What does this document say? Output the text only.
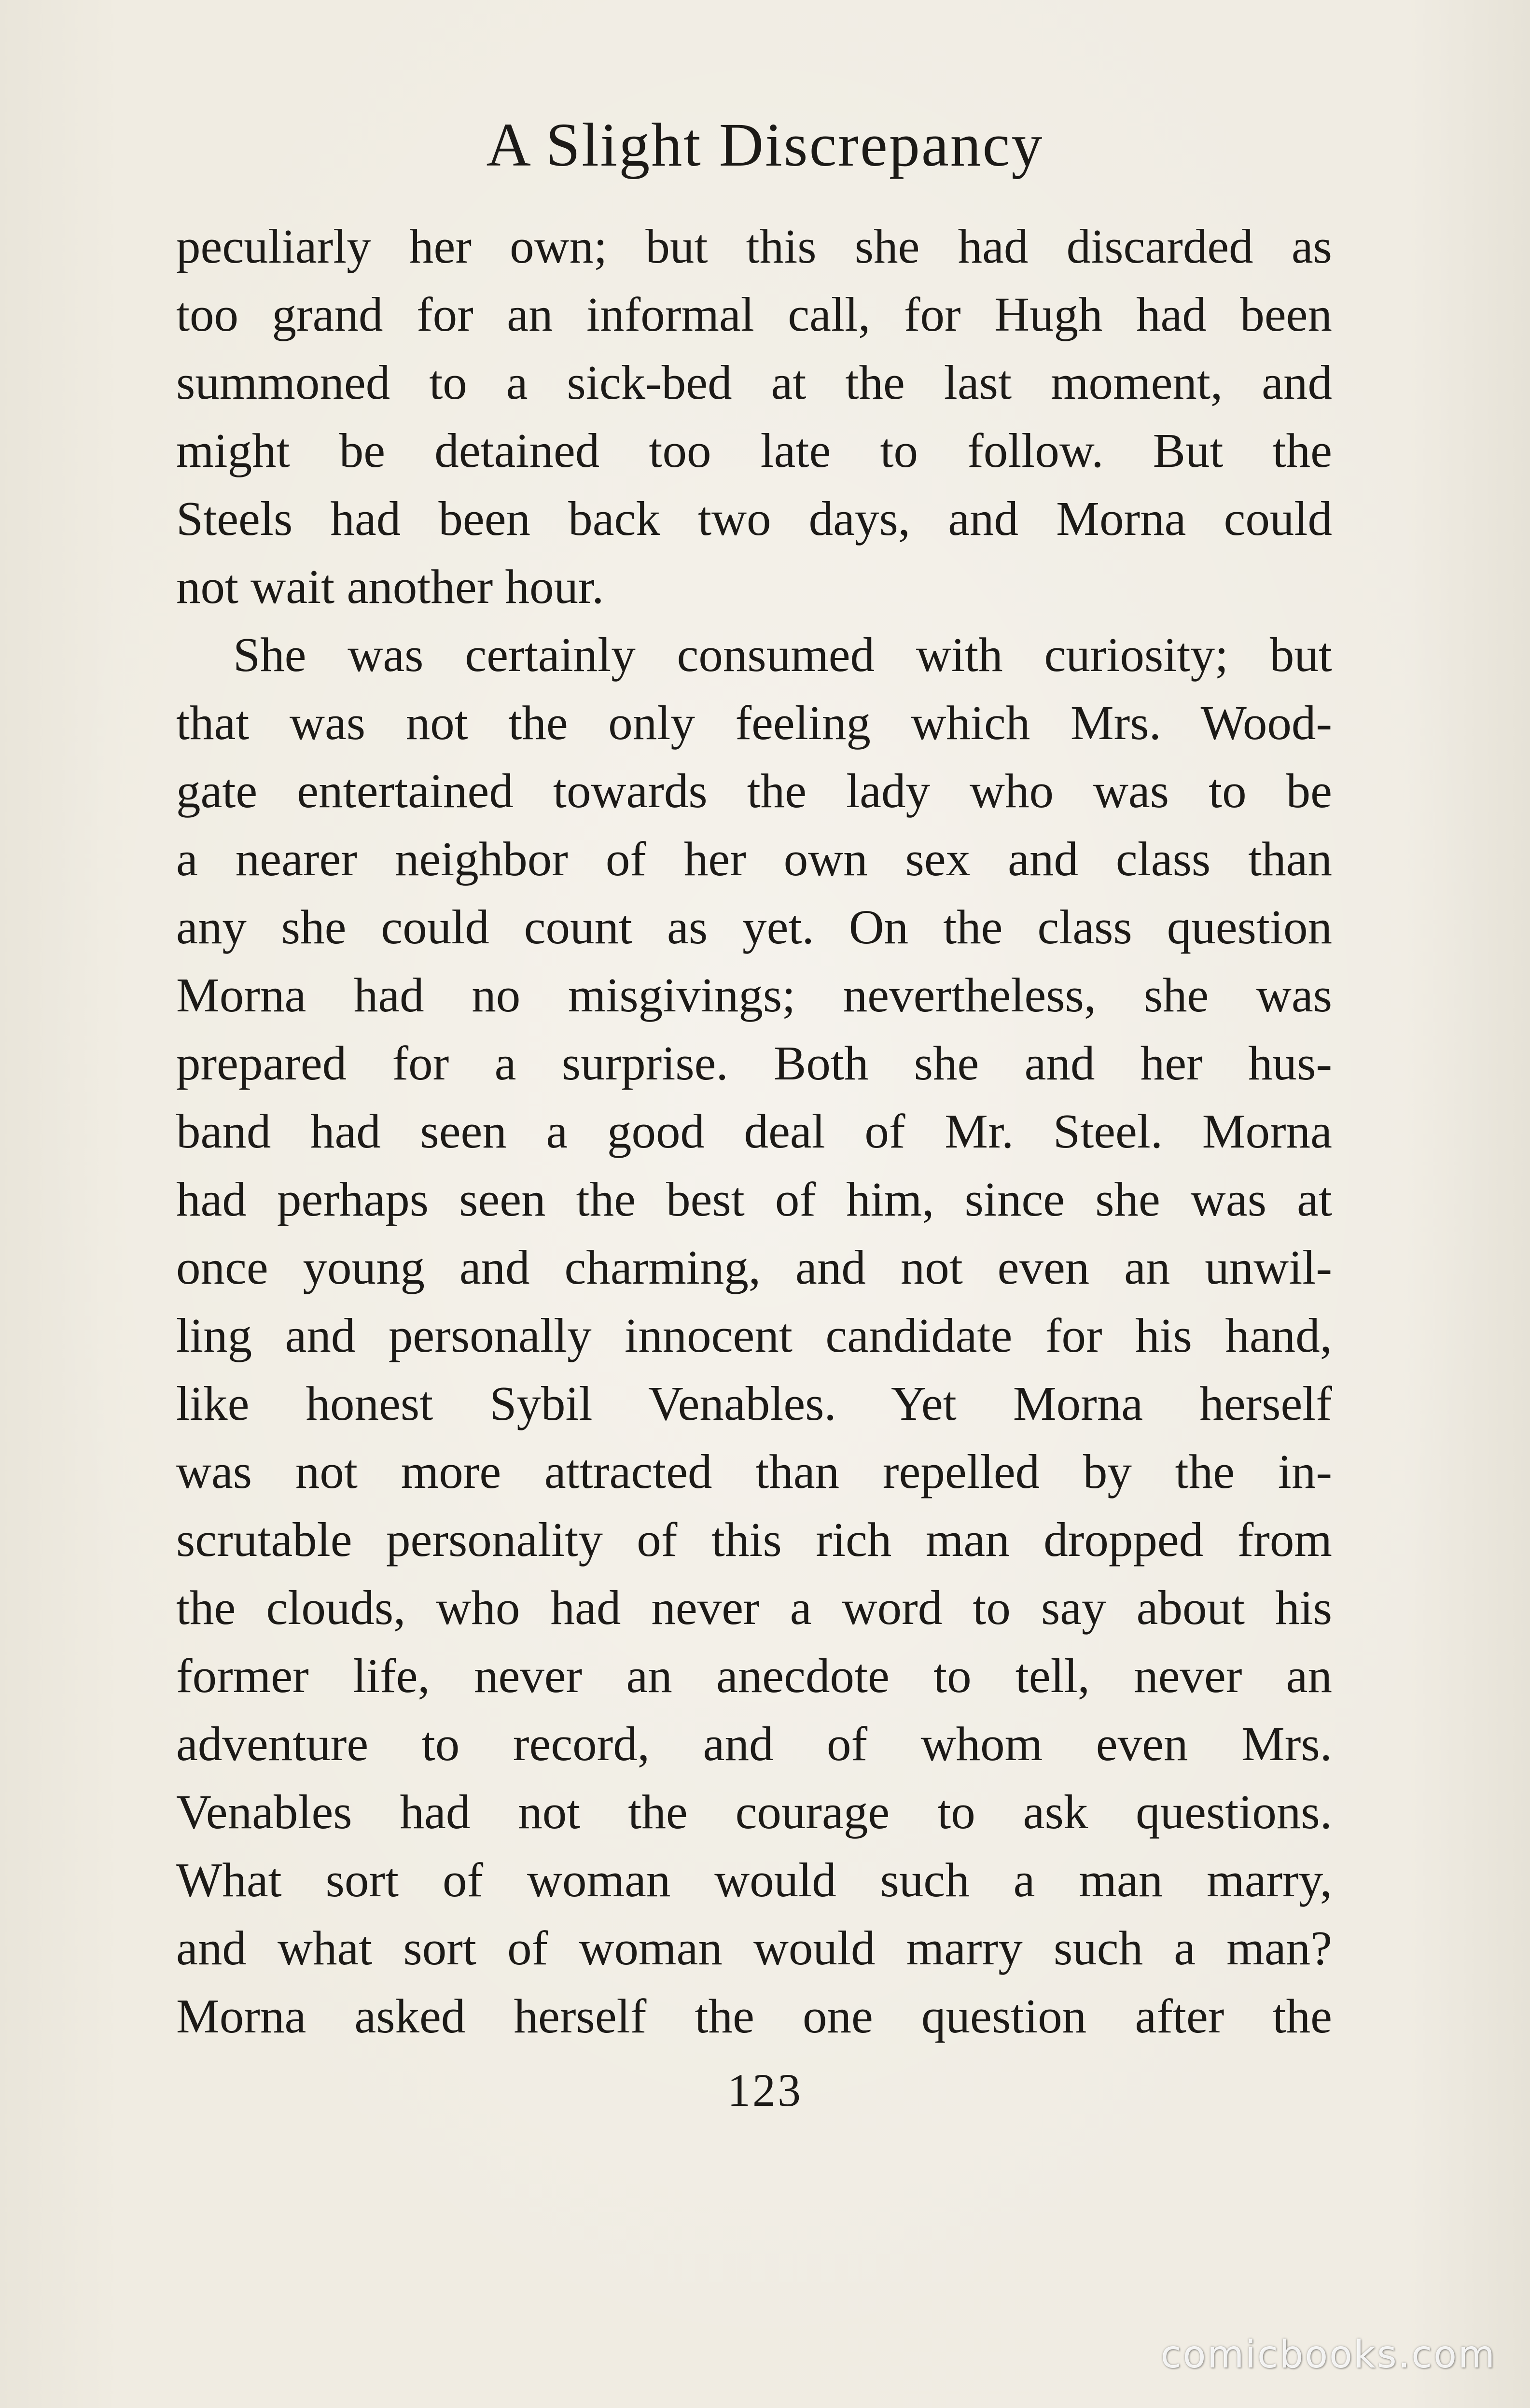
A Slight Discrepancy
peculiarly her own; but this she had discarded as
too grand for an informal call, for Hugh had been
summoned to a sick-bed at the last moment, and
might be detained too late to follow. But the
Steels had been back two days, and Morna could
not wait another hour.
She was certainly consumed with curiosity; but
that was not the only feeling which Mrs. Wood-
gate entertained towards the lady who was to be
a nearer neighbor of her own sex and class than
any she could count as yet. On the class question
Morna had no misgivings; nevertheless, she was
prepared for a surprise. Both she and her hus-
band had seen a good deal of Mr. Steel. Morna
had perhaps seen the best of him, since she was at
once young and charming, and not even an unwil-
ling and personally innocent candidate for his hand,
like honest Sybil Venables. Yet Morna herself
was not more attracted than repelled by the in-
scrutable personality of this rich man dropped from
the clouds, who had never a word to say about his
former life, never an anecdote to tell, never an
adventure to record, and of whom even Mrs.
Venables had not the courage to ask questions.
What sort of woman would such a man marry,
and what sort of woman would marry such a man?
Morna asked herself the one question after the
123
comicbooks.com
